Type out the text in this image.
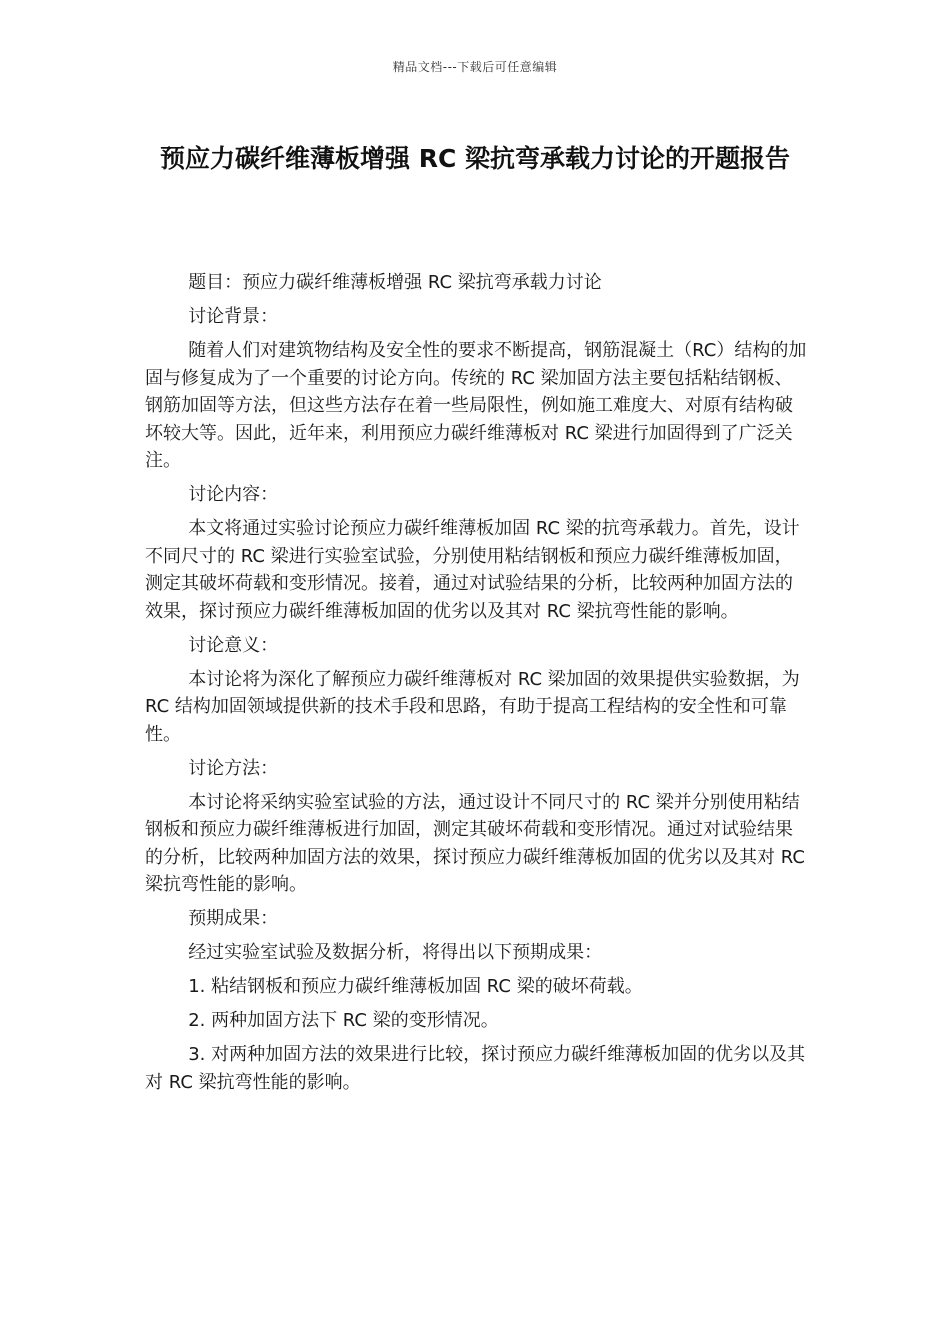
精品文档---下载后可任意编辑
预应力碳纤维薄板增强 RC 梁抗弯承载力讨论的开题报告

题目：预应力碳纤维薄板增强 RC 梁抗弯承载力讨论

讨论背景：

随着人们对建筑物结构及安全性的要求不断提高，钢筋混凝土（RC）结构的加固与修复成为了一个重要的讨论方向。传统的 RC 梁加固方法主要包括粘结钢板、钢筋加固等方法，但这些方法存在着一些局限性，例如施工难度大、对原有结构破坏较大等。因此，近年来，利用预应力碳纤维薄板对 RC 梁进行加固得到了广泛关注。

讨论内容：

本文将通过实验讨论预应力碳纤维薄板加固 RC 梁的抗弯承载力。首先，设计不同尺寸的 RC 梁进行实验室试验，分别使用粘结钢板和预应力碳纤维薄板加固，测定其破坏荷载和变形情况。接着，通过对试验结果的分析，比较两种加固方法的效果，探讨预应力碳纤维薄板加固的优劣以及其对 RC 梁抗弯性能的影响。

讨论意义：

本讨论将为深化了解预应力碳纤维薄板对 RC 梁加固的效果提供实验数据，为 RC 结构加固领域提供新的技术手段和思路，有助于提高工程结构的安全性和可靠性。

讨论方法：

本讨论将采纳实验室试验的方法，通过设计不同尺寸的 RC 梁并分别使用粘结钢板和预应力碳纤维薄板进行加固，测定其破坏荷载和变形情况。通过对试验结果的分析，比较两种加固方法的效果，探讨预应力碳纤维薄板加固的优劣以及其对 RC 梁抗弯性能的影响。

预期成果：

经过实验室试验及数据分析，将得出以下预期成果：

1. 粘结钢板和预应力碳纤维薄板加固 RC 梁的破坏荷载。

2. 两种加固方法下 RC 梁的变形情况。

3. 对两种加固方法的效果进行比较，探讨预应力碳纤维薄板加固的优劣以及其对 RC 梁抗弯性能的影响。
